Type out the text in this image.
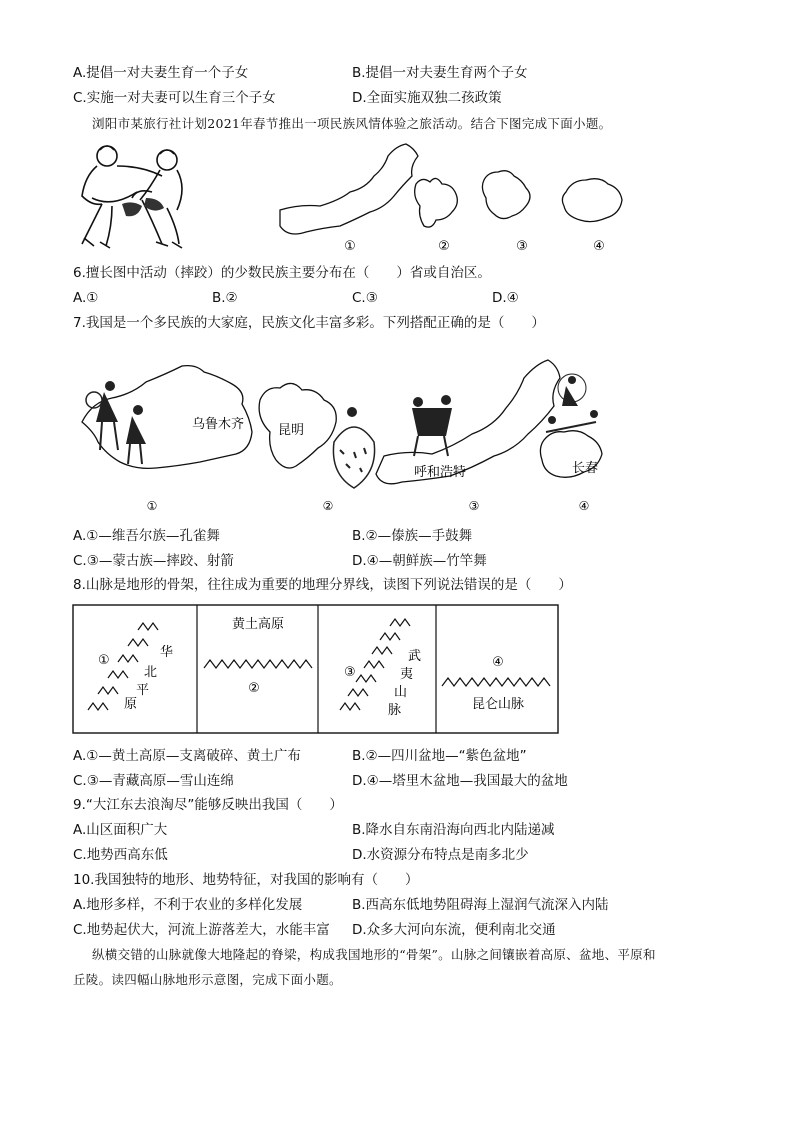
A.提倡一对夫妻生育一个子女	B.提倡一对夫妻生育两个子女
C.实施一对夫妻可以生育三个子女	D.全面实施双独二孩政策
浏阳市某旅行社计划2021年春节推出一项民族风情体验之旅活动。结合下图完成下面小题。
①	②	③	④
6.擅长图中活动（摔跤）的少数民族主要分布在（　　）省或自治区。
A.①	B.②	C.③	D.④
7.我国是一个多民族的大家庭，民族文化丰富多彩。下列搭配正确的是（　　）
乌鲁木齐	昆明
呼和浩特	长春
①	②	③	④
A.①—维吾尔族—孔雀舞	B.②—傣族—手鼓舞
C.③—蒙古族—摔跤、射箭	D.④—朝鲜族—竹竿舞
8.山脉是地形的骨架，往往成为重要的地理分界线，读图下列说法错误的是（　　）
①
华
北
平
原
黄土高原
②
③
武
夷
山
脉
④
昆仑山脉
A.①—黄土高原—支离破碎、黄土广布	B.②—四川盆地—“紫色盆地”
C.③—青藏高原—雪山连绵	D.④—塔里木盆地—我国最大的盆地
9.“大江东去浪淘尽”能够反映出我国（　　）
A.山区面积广大	B.降水自东南沿海向西北内陆递减
C.地势西高东低	D.水资源分布特点是南多北少
10.我国独特的地形、地势特征，对我国的影响有（　　）
A.地形多样，不利于农业的多样化发展	B.西高东低地势阻碍海上湿润气流深入内陆
C.地势起伏大，河流上游落差大，水能丰富 D.众多大河向东流，便利南北交通
纵横交错的山脉就像大地隆起的脊梁，构成我国地形的“骨架”。山脉之间镶嵌着高原、盆地、平原和
丘陵。读四幅山脉地形示意图，完成下面小题。
